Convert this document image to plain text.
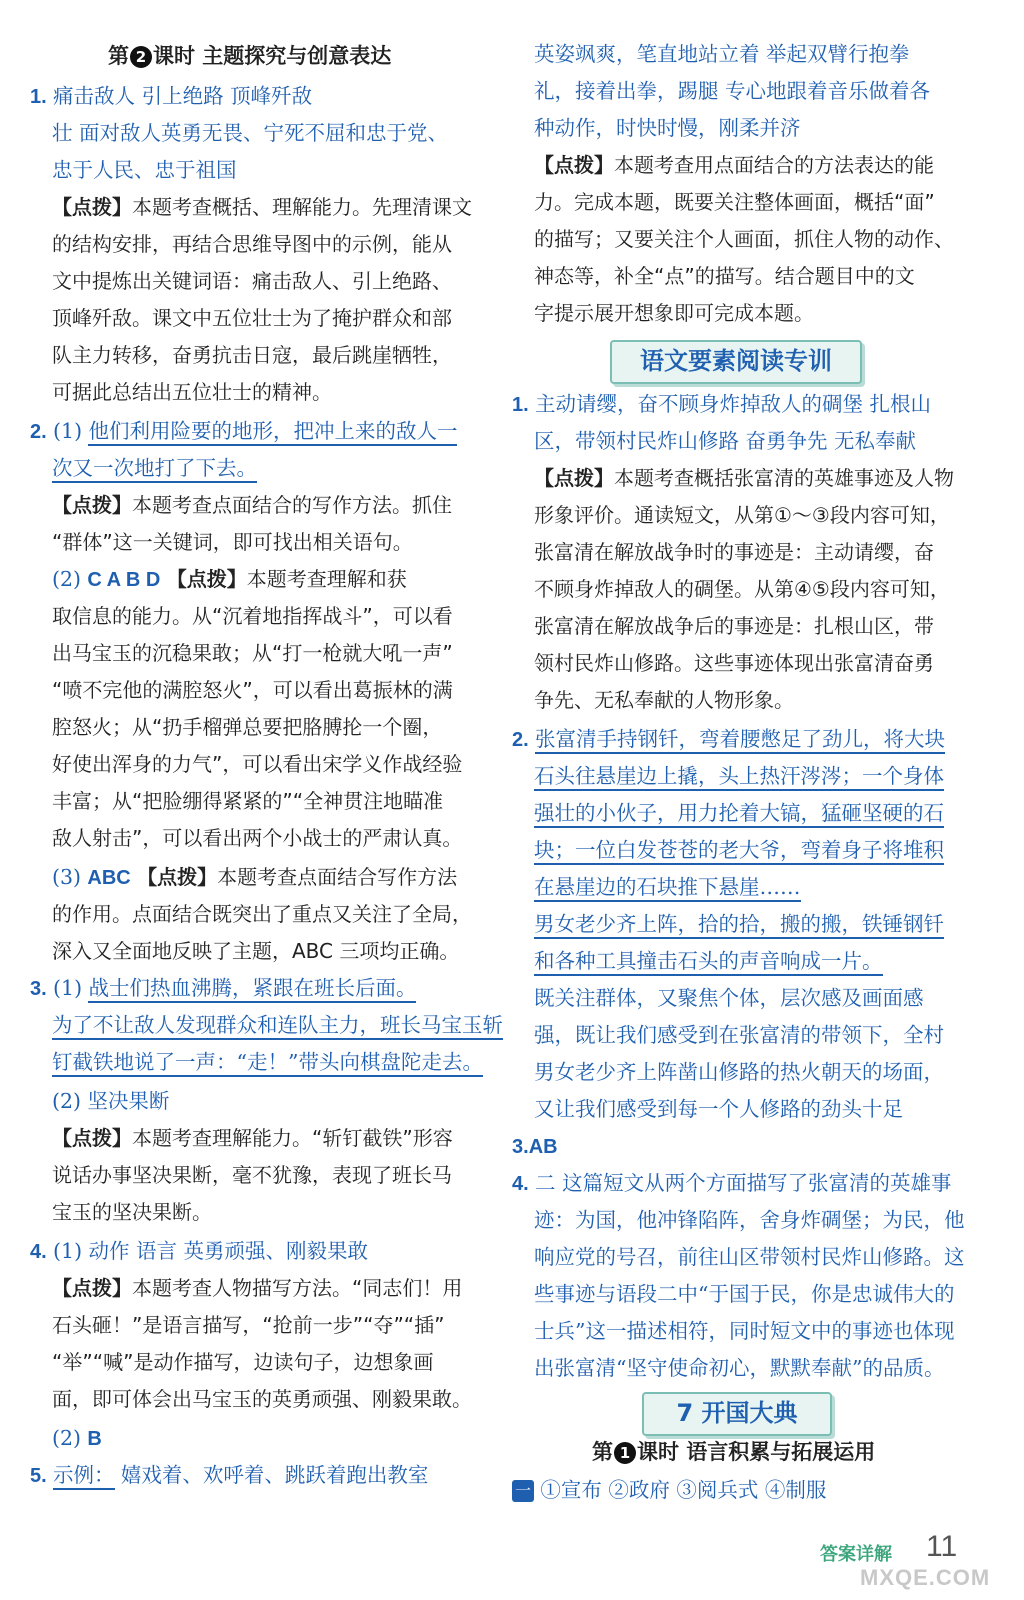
第 2 课时 主题探究与创意表达
1. 痛击敌人 引上绝路 顶峰歼敌
壮 面对敌人英勇无畏、宁死不屈和忠于党、
忠于人民、忠于祖国
【点拨】本题考查概括、理解能力。先理清课文
的结构安排，再结合思维导图中的示例，能从
文中提炼出关键词语：痛击敌人、引上绝路、
顶峰歼敌。课文中五位壮士为了掩护群众和部
队主力转移，奋勇抗击日寇，最后跳崖牺牲，
可据此总结出五位壮士的精神。
2. (1) 他们利用险要的地形，把冲上来的敌人一
次又一次地打了下去。
【点拨】本题考查点面结合的写作方法。抓住
“群体”这一关键词，即可找出相关语句。
(2) C A B D 【点拨】本题考查理解和获
取信息的能力。从“沉着地指挥战斗”，可以看
出马宝玉的沉稳果敢；从“打一枪就大吼一声”
“喷不完他的满腔怒火”，可以看出葛振林的满
腔怒火；从“扔手榴弹总要把胳膊抡一个圈，
好使出浑身的力气”，可以看出宋学义作战经验
丰富；从“把脸绷得紧紧的”“全神贯注地瞄准
敌人射击”，可以看出两个小战士的严肃认真。
(3) ABC 【点拨】本题考查点面结合写作方法
的作用。点面结合既突出了重点又关注了全局，
深入又全面地反映了主题，ABC 三项均正确。
3. (1) 战士们热血沸腾，紧跟在班长后面。
为了不让敌人发现群众和连队主力，班长马宝玉斩
钉截铁地说了一声：“走！”带头向棋盘陀走去。
(2) 坚决果断
【点拨】本题考查理解能力。“斩钉截铁”形容
说话办事坚决果断，毫不犹豫，表现了班长马
宝玉的坚决果断。
4. (1) 动作 语言 英勇顽强、刚毅果敢
【点拨】本题考查人物描写方法。“同志们！用
石头砸！”是语言描写，“抢前一步”“夺”“插”
“举”“喊”是动作描写，边读句子，边想象画
面，即可体会出马宝玉的英勇顽强、刚毅果敢。
(2) B
5. 示例： 嬉戏着、欢呼着、跳跃着跑出教室
英姿飒爽，笔直地站立着 举起双臂行抱拳
礼，接着出拳，踢腿 专心地跟着音乐做着各
种动作，时快时慢，刚柔并济
【点拨】本题考查用点面结合的方法表达的能
力。完成本题，既要关注整体画面，概括“面”
的描写；又要关注个人画面，抓住人物的动作、
神态等，补全“点”的描写。结合题目中的文
字提示展开想象即可完成本题。
语文要素阅读专训
1. 主动请缨，奋不顾身炸掉敌人的碉堡 扎根山
区，带领村民炸山修路 奋勇争先 无私奉献
【点拨】本题考查概括张富清的英雄事迹及人物
形象评价。通读短文，从第①～③段内容可知，
张富清在解放战争时的事迹是：主动请缨，奋
不顾身炸掉敌人的碉堡。从第④⑤段内容可知，
张富清在解放战争后的事迹是：扎根山区，带
领村民炸山修路。这些事迹体现出张富清奋勇
争先、无私奉献的人物形象。
2. 张富清手持钢钎，弯着腰憋足了劲儿，将大块
石头往悬崖边上撬，头上热汗涔涔；一个身体
强壮的小伙子，用力抡着大镐，猛砸坚硬的石
块；一位白发苍苍的老大爷，弯着身子将堆积
在悬崖边的石块推下悬崖……
男女老少齐上阵，拾的拾，搬的搬，铁锤钢钎
和各种工具撞击石头的声音响成一片。
既关注群体，又聚焦个体，层次感及画面感
强，既让我们感受到在张富清的带领下，全村
男女老少齐上阵凿山修路的热火朝天的场面，
又让我们感受到每一个人修路的劲头十足
3.AB
4. 二 这篇短文从两个方面描写了张富清的英雄事
迹：为国，他冲锋陷阵，舍身炸碉堡；为民，他
响应党的号召，前往山区带领村民炸山修路。这
些事迹与语段二中“于国于民，你是忠诚伟大的
士兵”这一描述相符，同时短文中的事迹也体现
出张富清“坚守使命初心，默默奉献”的品质。
7 开国大典
第 1 课时 语言积累与拓展运用
一 ①宣布 ②政府 ③阅兵式 ④制服
答案详解 11
MXQE.COM
